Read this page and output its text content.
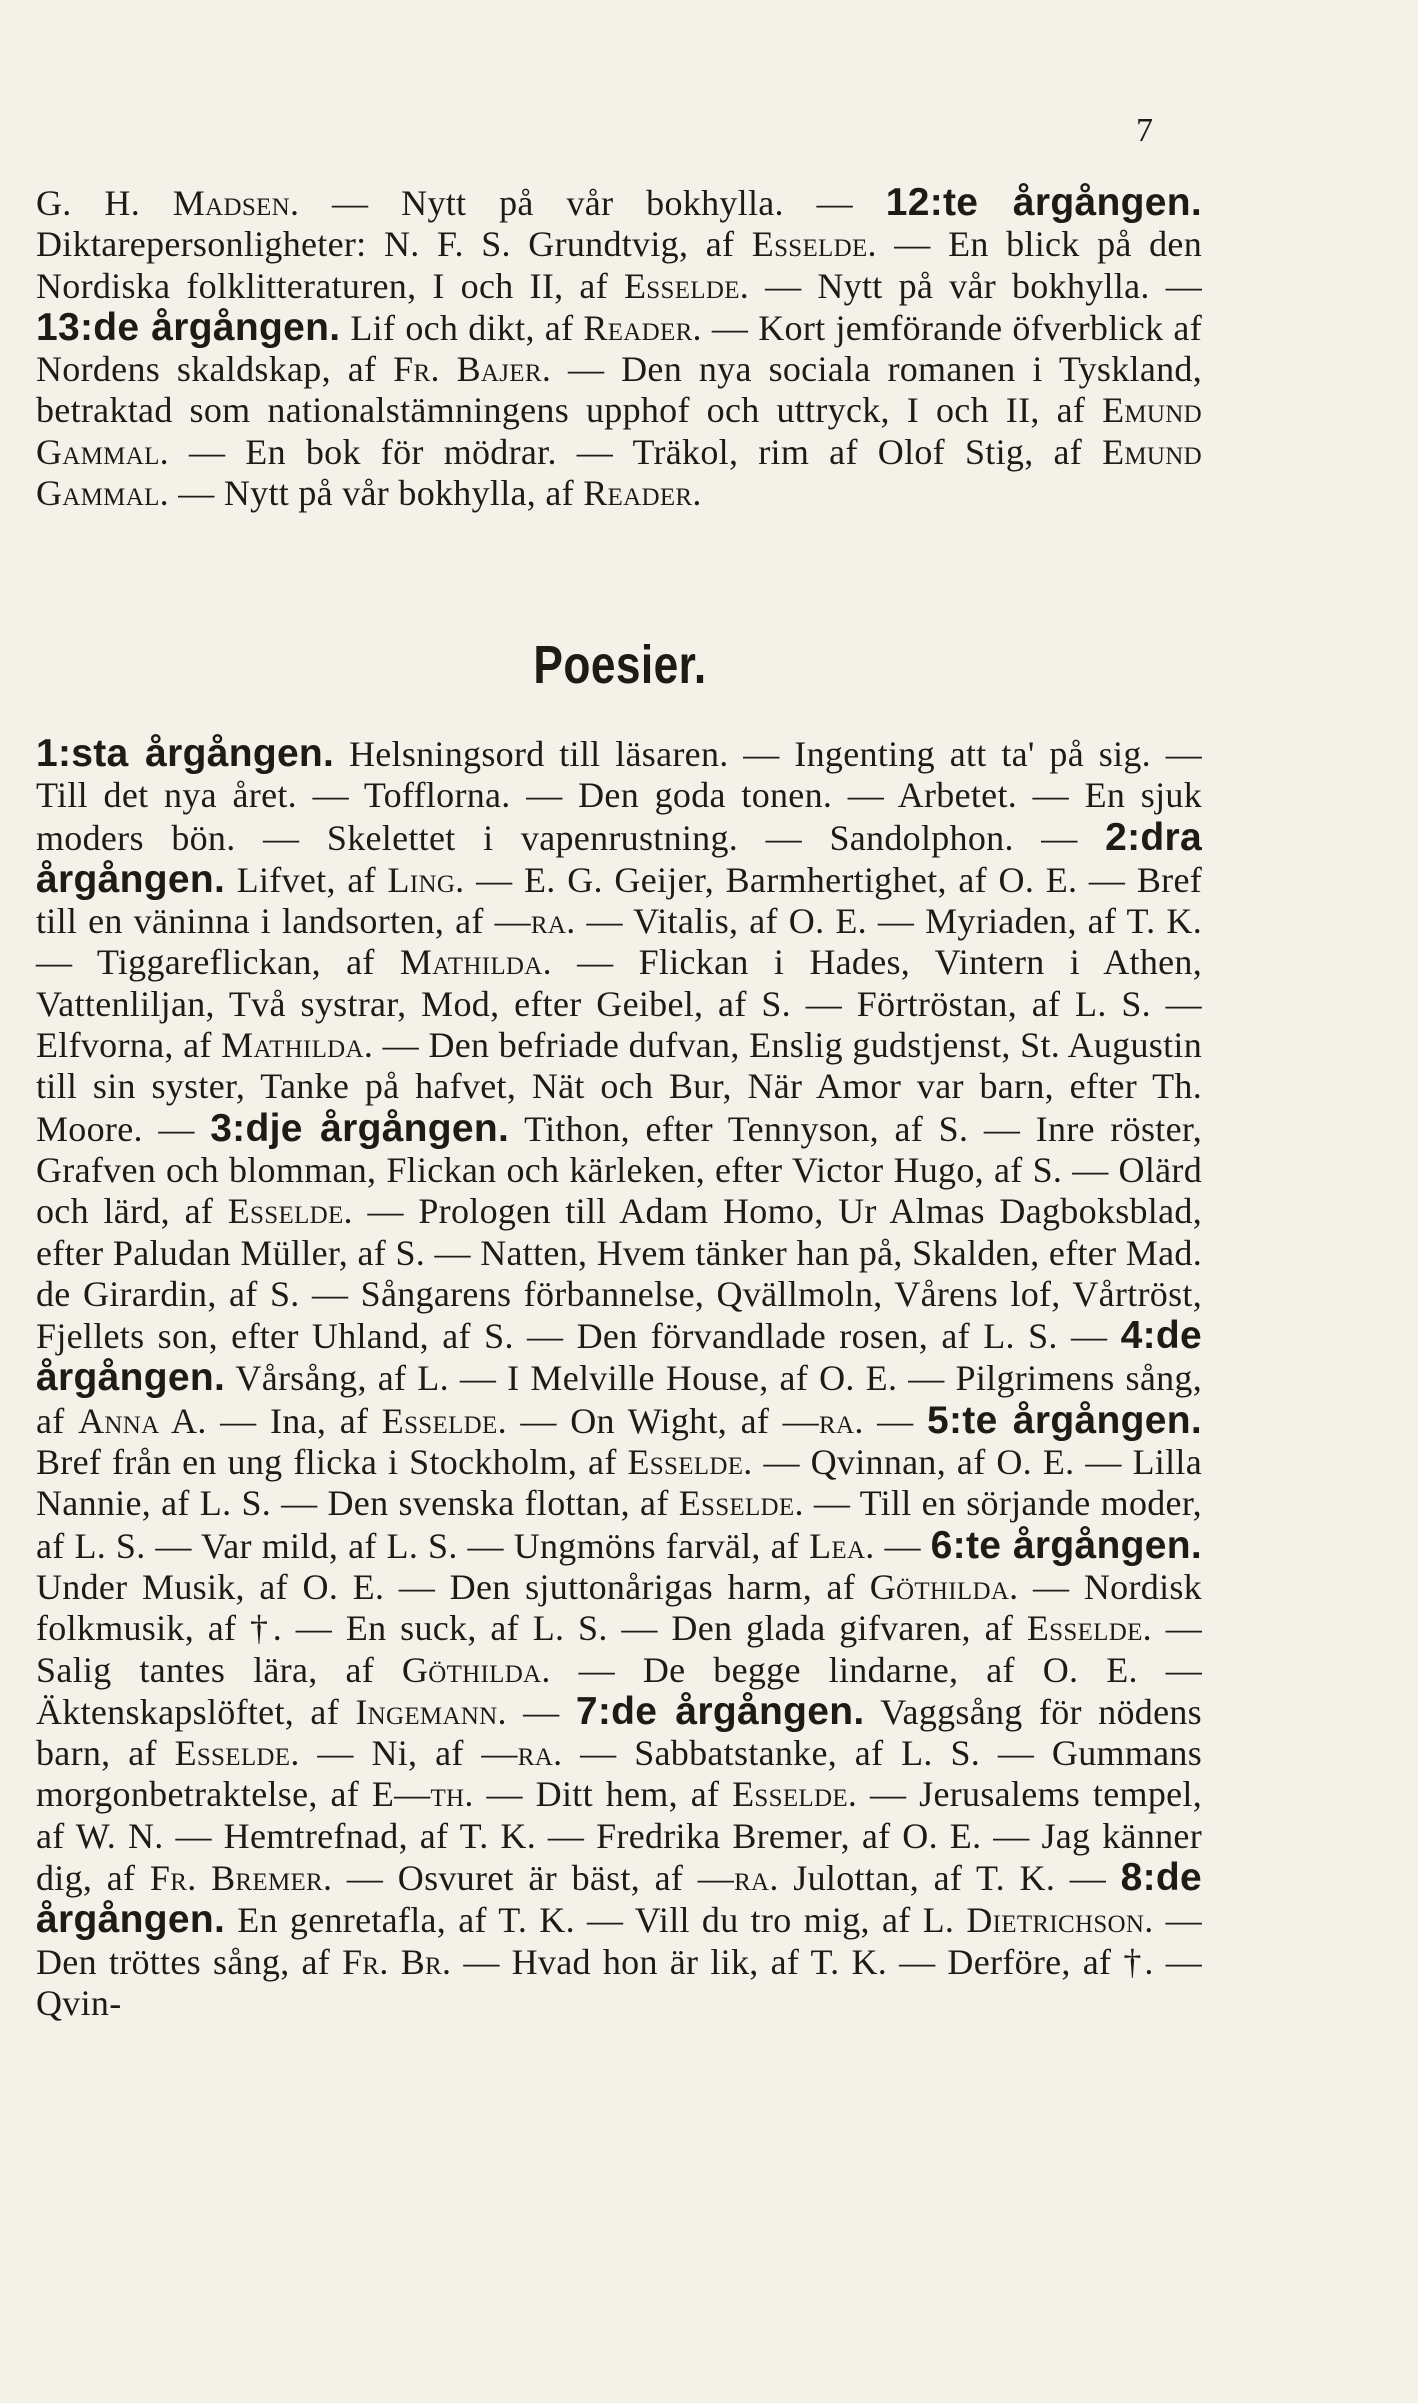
7
G. H. Madsen. — Nytt på vår bokhylla. — 12:te årgången. Diktarepersonligheter: N. F. S. Grundtvig, af Esselde. — En blick på den Nordiska folklitteraturen, I och II, af Esselde. — Nytt på vår bokhylla. — 13:de årgången. Lif och dikt, af Reader. — Kort jemförande öfverblick af Nordens skaldskap, af Fr. Bajer. — Den nya sociala romanen i Tyskland, betraktad som nationalstämningens upphof och uttryck, I och II, af Emund Gammal. — En bok för mödrar. — Träkol, rim af Olof Stig, af Emund Gammal. — Nytt på vår bokhylla, af Reader.
Poesier.
1:sta årgången. Helsningsord till läsaren. — Ingenting att ta' på sig. — Till det nya året. — Tofflorna. — Den goda tonen. — Arbetet. — En sjuk moders bön. — Skelettet i vapenrustning. — Sandolphon. — 2:dra årgången. Lifvet, af Ling. — E. G. Geijer, Barmhertighet, af O. E. — Bref till en väninna i landsorten, af —ra. — Vitalis, af O. E. — Myriaden, af T. K. — Tiggareflickan, af Mathilda. — Flickan i Hades, Vintern i Athen, Vattenliljan, Två systrar, Mod, efter Geibel, af S. — Förtröstan, af L. S. — Elfvorna, af Mathilda. — Den befriade dufvan, Enslig gudstjenst, St. Augustin till sin syster, Tanke på hafvet, Nät och Bur, När Amor var barn, efter Th. Moore. — 3:dje årgången. Tithon, efter Tennyson, af S. — Inre röster, Grafven och blomman, Flickan och kärleken, efter Victor Hugo, af S. — Olärd och lärd, af Esselde. — Prologen till Adam Homo, Ur Almas Dagboksblad, efter Paludan Müller, af S. — Natten, Hvem tänker han på, Skalden, efter Mad. de Girardin, af S. — Sångarens förbannelse, Qvällmoln, Vårens lof, Vårtröst, Fjellets son, efter Uhland, af S. — Den förvandlade rosen, af L. S. — 4:de årgången. Vårsång, af L. — I Melville House, af O. E. — Pilgrimens sång, af Anna A. — Ina, af Esselde. — On Wight, af —ra. — 5:te årgången. Bref från en ung flicka i Stockholm, af Esselde. — Qvinnan, af O. E. — Lilla Nannie, af L. S. — Den svenska flottan, af Esselde. — Till en sörjande moder, af L. S. — Var mild, af L. S. — Ungmöns farväl, af Lea. — 6:te årgången. Under Musik, af O. E. — Den sjuttonårigas harm, af Göthilda. — Nordisk folkmusik, af †. — En suck, af L. S. — Den glada gifvaren, af Esselde. — Salig tantes lära, af Göthilda. — De begge lindarne, af O. E. — Äktenskapslöftet, af Ingemann. — 7:de årgången. Vaggsång för nödens barn, af Esselde. — Ni, af —ra. — Sabbatstanke, af L. S. — Gummans morgonbetraktelse, af E—th. — Ditt hem, af Esselde. — Jerusalems tempel, af W. N. — Hemtrefnad, af T. K. — Fredrika Bremer, af O. E. — Jag känner dig, af Fr. Bremer. — Osvuret är bäst, af —ra. Julottan, af T. K. — 8:de årgången. En genretafla, af T. K. — Vill du tro mig, af L. Dietrichson. — Den tröttes sång, af Fr. Br. — Hvad hon är lik, af T. K. — Derföre, af †. — Qvin-
